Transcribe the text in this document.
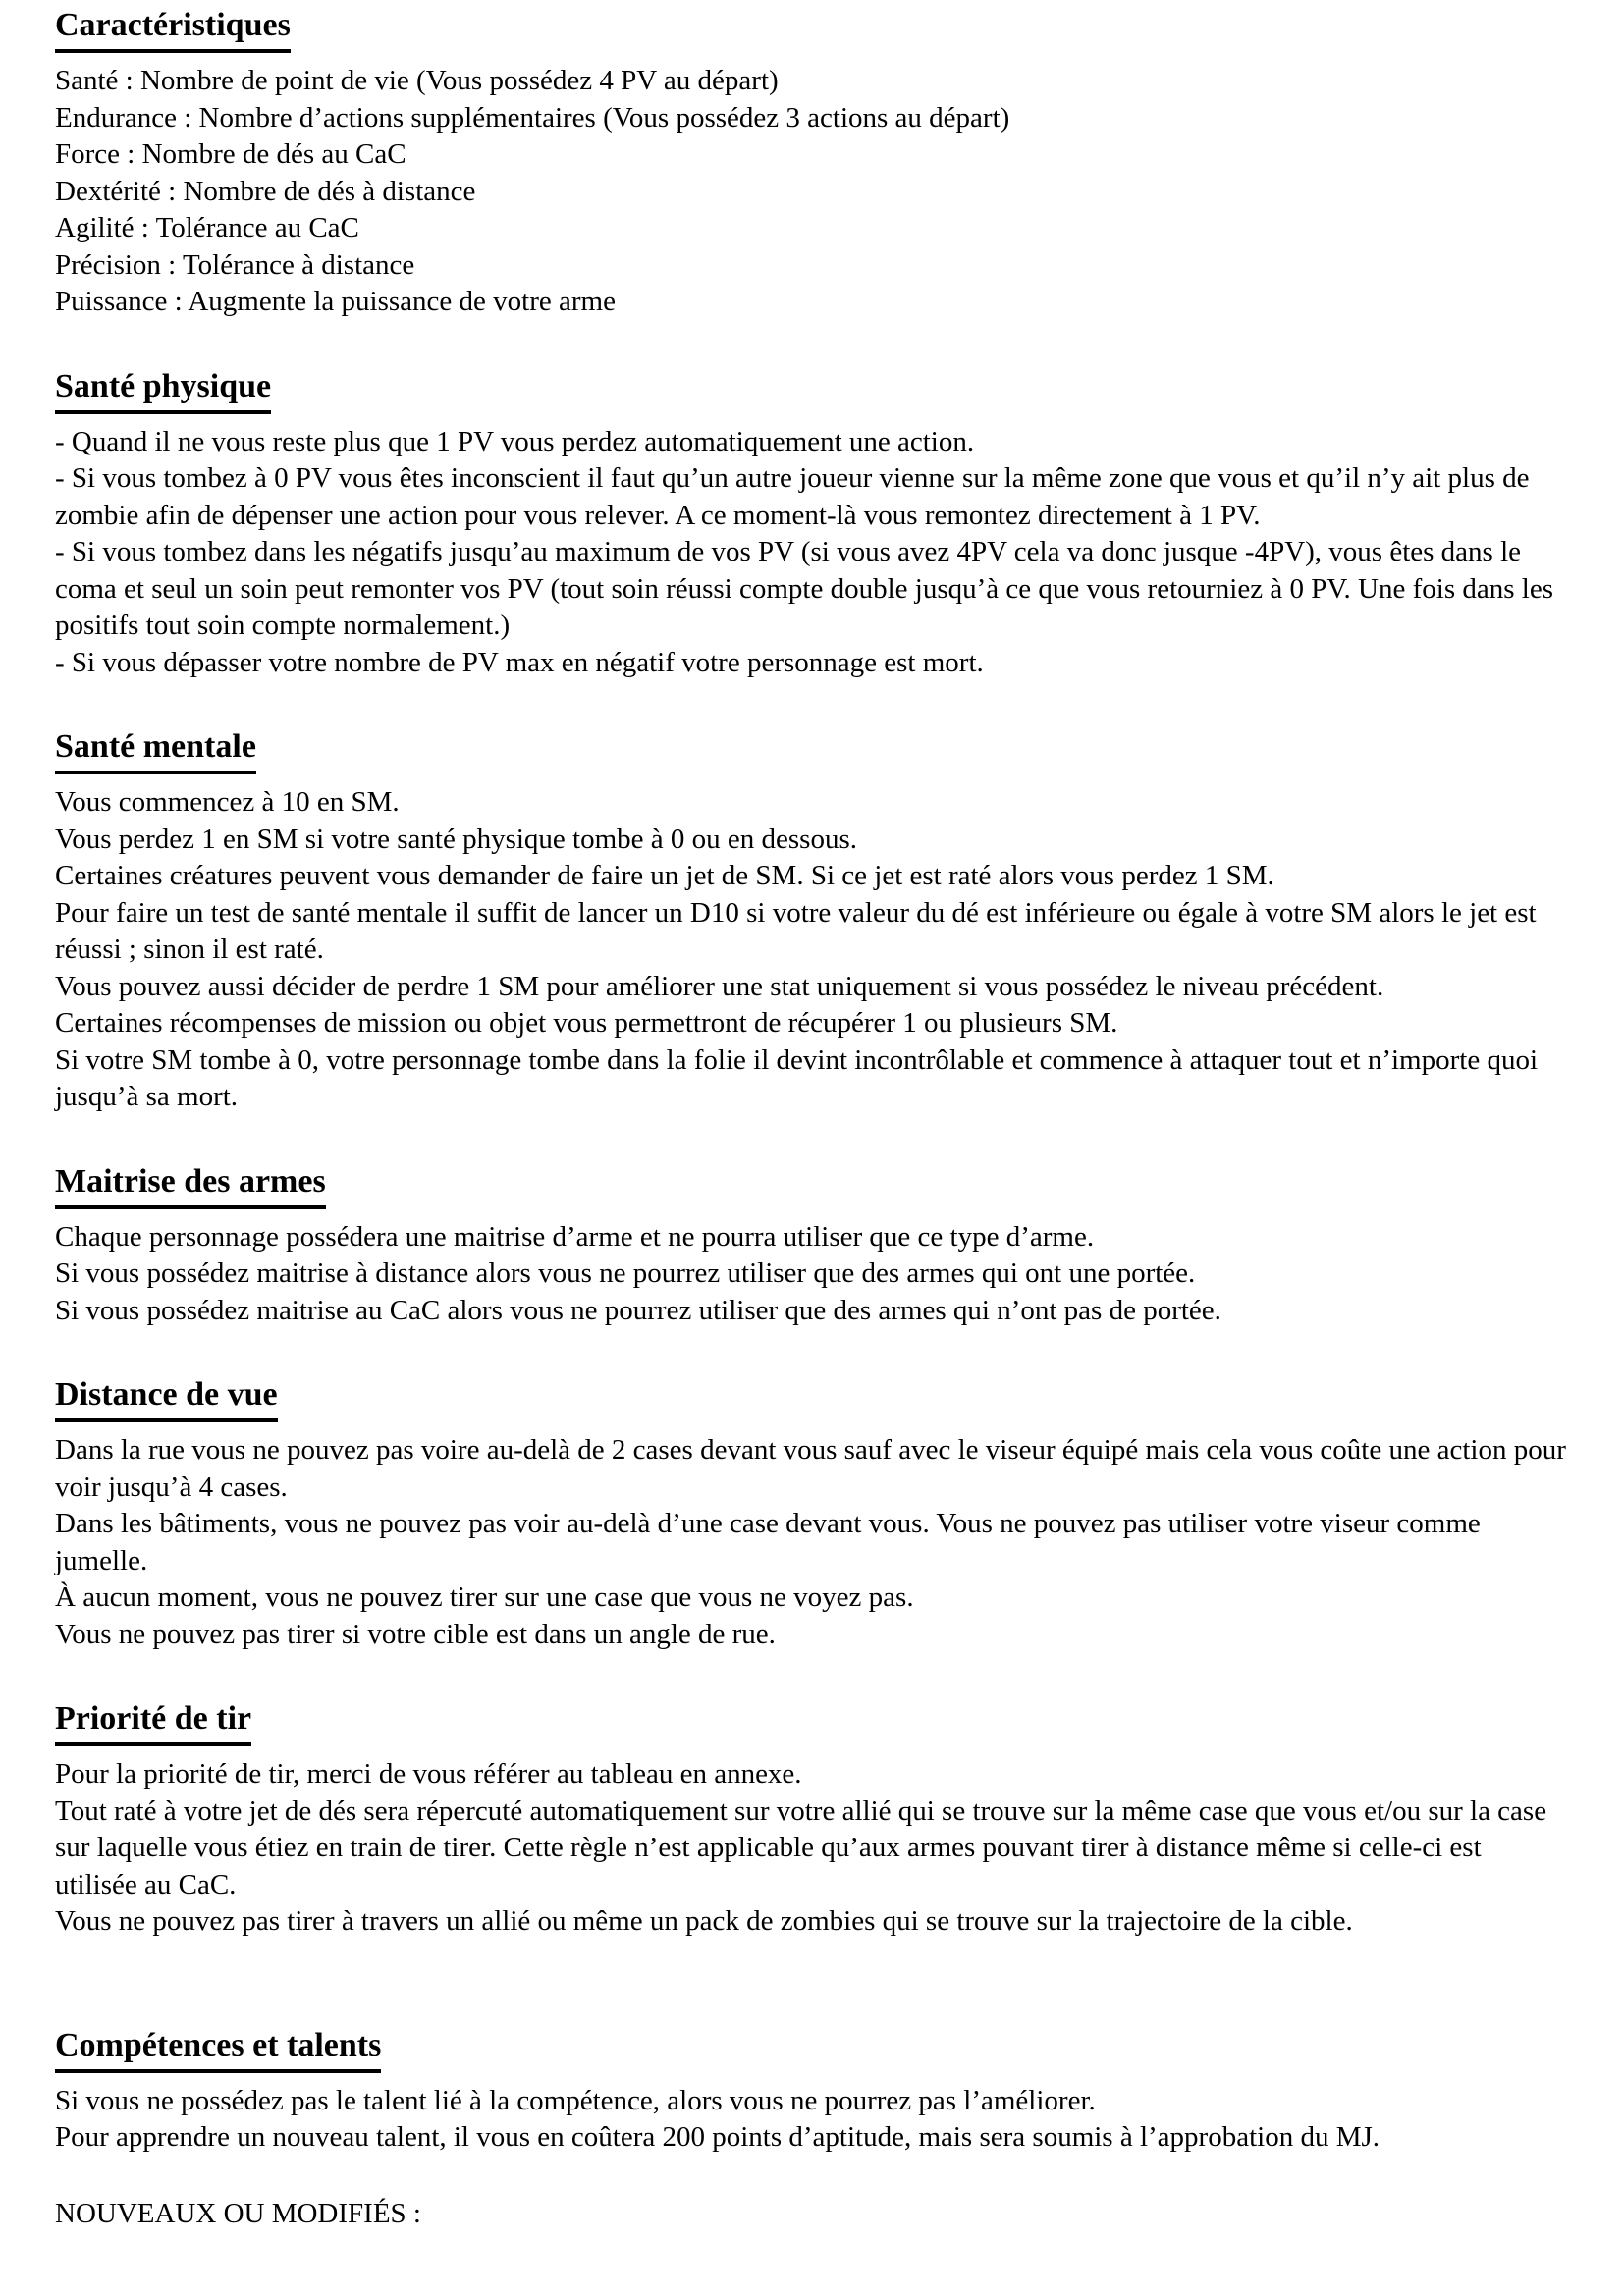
Caractéristiques

Santé : Nombre de point de vie (Vous possédez 4 PV au départ)

Endurance : Nombre d’actions supplémentaires (Vous possédez 3 actions au départ)

Force : Nombre de dés au CaC

Dextérité : Nombre de dés à distance

Agilité : Tolérance au CaC

Précision : Tolérance à distance

Puissance : Augmente la puissance de votre arme

Santé physique

- Quand il ne vous reste plus que 1 PV vous perdez automatiquement une action.

- Si vous tombez à 0 PV vous êtes inconscient il faut qu’un autre joueur vienne sur la même zone que vous et qu’il n’y ait plus de zombie afin de dépenser une action pour vous relever. A ce moment-là vous remontez directement à 1 PV.

- Si vous tombez dans les négatifs jusqu’au maximum de vos PV (si vous avez 4PV cela va donc jusque -4PV), vous êtes dans le coma et seul un soin peut remonter vos PV (tout soin réussi compte double jusqu’à ce que vous retourniez à 0 PV. Une fois dans les positifs tout soin compte normalement.)

- Si vous dépasser votre nombre de PV max en négatif votre personnage est mort.

Santé mentale

Vous commencez à 10 en SM.

Vous perdez 1 en SM si votre santé physique tombe à 0 ou en dessous.

Certaines créatures peuvent vous demander de faire un jet de SM. Si ce jet est raté alors vous perdez 1 SM.

Pour faire un test de santé mentale il suffit de lancer un D10 si votre valeur du dé est inférieure ou égale à votre SM alors le jet est réussi ; sinon il est raté.

Vous pouvez aussi décider de perdre 1 SM pour améliorer une stat uniquement si vous possédez le niveau précédent.

Certaines récompenses de mission ou objet vous permettront de récupérer 1 ou plusieurs SM.

Si votre SM tombe à 0, votre personnage tombe dans la folie il devint incontrôlable et commence à attaquer tout et n’importe quoi jusqu’à sa mort.

Maitrise des armes

Chaque personnage possédera une maitrise d’arme et ne pourra utiliser que ce type d’arme.

Si vous possédez maitrise à distance alors vous ne pourrez utiliser que des armes qui ont une portée.

Si vous possédez maitrise au CaC alors vous ne pourrez utiliser que des armes qui n’ont pas de portée.

Distance de vue

Dans la rue vous ne pouvez pas voire au-delà de 2 cases devant vous sauf avec le viseur équipé mais cela vous coûte une action pour voir jusqu’à 4 cases.

Dans les bâtiments, vous ne pouvez pas voir au-delà d’une case devant vous. Vous ne pouvez pas utiliser votre viseur comme jumelle.

À aucun moment, vous ne pouvez tirer sur une case que vous ne voyez pas.

Vous ne pouvez pas tirer si votre cible est dans un angle de rue.

Priorité de tir

Pour la priorité de tir, merci de vous référer au tableau en annexe.

Tout raté à votre jet de dés sera répercuté automatiquement sur votre allié qui se trouve sur la même case que vous et/ou sur la case sur laquelle vous étiez en train de tirer. Cette règle n’est applicable qu’aux armes pouvant tirer à distance même si celle-ci est utilisée au CaC.

Vous ne pouvez pas tirer à travers un allié ou même un pack de zombies qui se trouve sur la trajectoire de la cible.

Compétences et talents

Si vous ne possédez pas le talent lié à la compétence, alors vous ne pourrez pas l’améliorer.

Pour apprendre un nouveau talent, il vous en coûtera 200 points d’aptitude, mais sera soumis à l’approbation du MJ.

NOUVEAUX OU MODIFIÉS :
